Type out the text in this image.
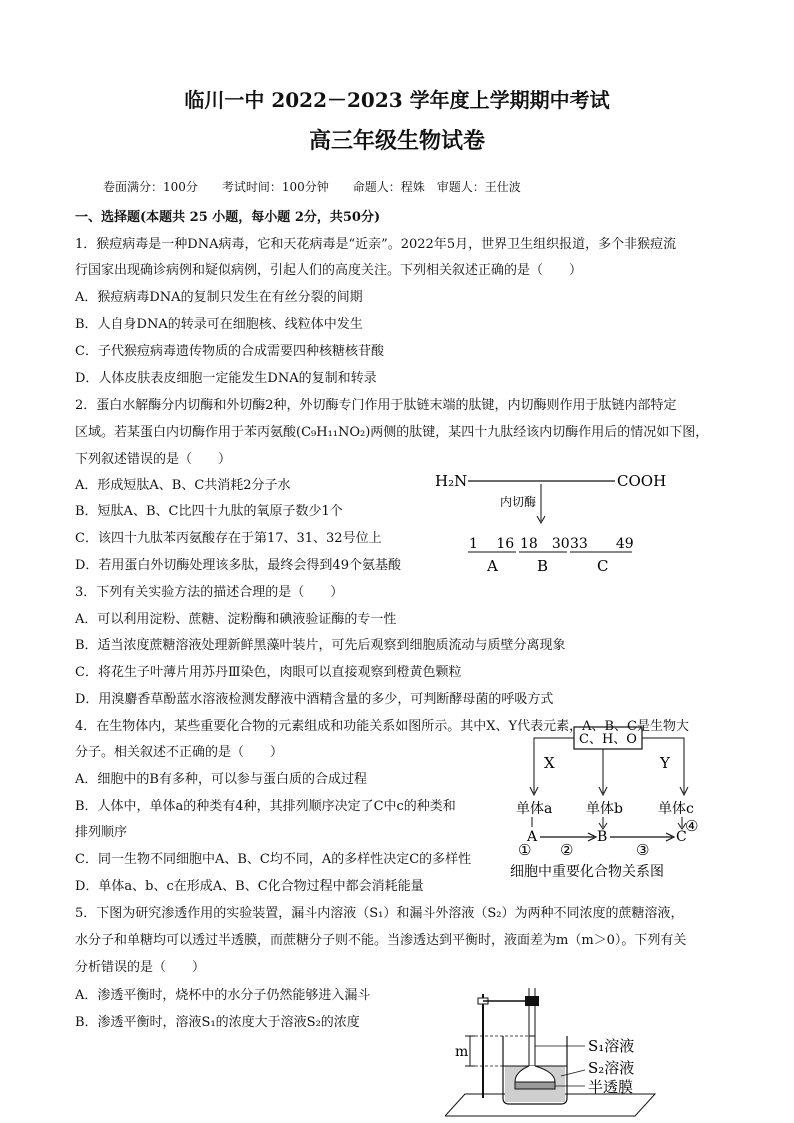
临川一中 2022－2023 学年度上学期期中考试
高三年级生物试卷
卷面满分：100分　　考试时间：100分钟　　命题人：程姝　审题人：王仕波
一、选择题(本题共 25 小题，每小题 2分，共50分)
1．猴痘病毒是一种DNA病毒，它和天花病毒是“近亲”。2022年5月，世界卫生组织报道，多个非猴痘流
行国家出现确诊病例和疑似病例，引起人们的高度关注。下列相关叙述正确的是（　　）
A．猴痘病毒DNA的复制只发生在有丝分裂的间期
B．人自身DNA的转录可在细胞核、线粒体中发生
C．子代猴痘病毒遗传物质的合成需要四种核糖核苷酸
D．人体皮肤表皮细胞一定能发生DNA的复制和转录
2．蛋白水解酶分内切酶和外切酶2种，外切酶专门作用于肽链末端的肽键，内切酶则作用于肽链内部特定
区域。若某蛋白内切酶作用于苯丙氨酸(C₉H₁₁NO₂)两侧的肽键，某四十九肽经该内切酶作用后的情况如下图，
下列叙述错误的是（　　）
A．形成短肽A、B、C共消耗2分子水
B．短肽A、B、C比四十九肽的氧原子数少1个
C．该四十九肽苯丙氨酸存在于第17、31、32号位上
D．若用蛋白外切酶处理该多肽，最终会得到49个氨基酸
H₂N	COOH
内切酶
1　 16 18　30 33　　49
A	B	C
3．下列有关实验方法的描述合理的是（　　）
A．可以利用淀粉、蔗糖、淀粉酶和碘液验证酶的专一性
B．适当浓度蔗糖溶液处理新鲜黑藻叶装片，可先后观察到细胞质流动与质壁分离现象
C．将花生子叶薄片用苏丹Ⅲ染色，肉眼可以直接观察到橙黄色颗粒
D．用溴麝香草酚蓝水溶液检测发酵液中酒精含量的多少，可判断酵母菌的呼吸方式
4．在生物体内，某些重要化合物的元素组成和功能关系如图所示。其中X、Y代表元素，A、B、C是生物大
分子。相关叙述不正确的是（　　）
A．细胞中的B有多种，可以参与蛋白质的合成过程
B．人体中，单体a的种类有4种，其排列顺序决定了C中c的种类和
排列顺序
C．同一生物不同细胞中A、B、C均不同，A的多样性决定C的多样性
D．单体a、b、c在形成A、B、C化合物过程中都会消耗能量
C、H、O
X	Y
单体a 单体b	单体c
A	B	C
① ②	③
④
细胞中重要化合物关系图
5．下图为研究渗透作用的实验装置，漏斗内溶液（S₁）和漏斗外溶液（S₂）为两种不同浓度的蔗糖溶液，
水分子和单糖均可以透过半透膜，而蔗糖分子则不能。当渗透达到平衡时，液面差为m（m＞0）。下列有关
分析错误的是（　　）
A．渗透平衡时，烧杯中的水分子仍然能够进入漏斗
B．渗透平衡时，溶液S₁的浓度大于溶液S₂的浓度
m	S₁溶液
S₂溶液
半透膜
